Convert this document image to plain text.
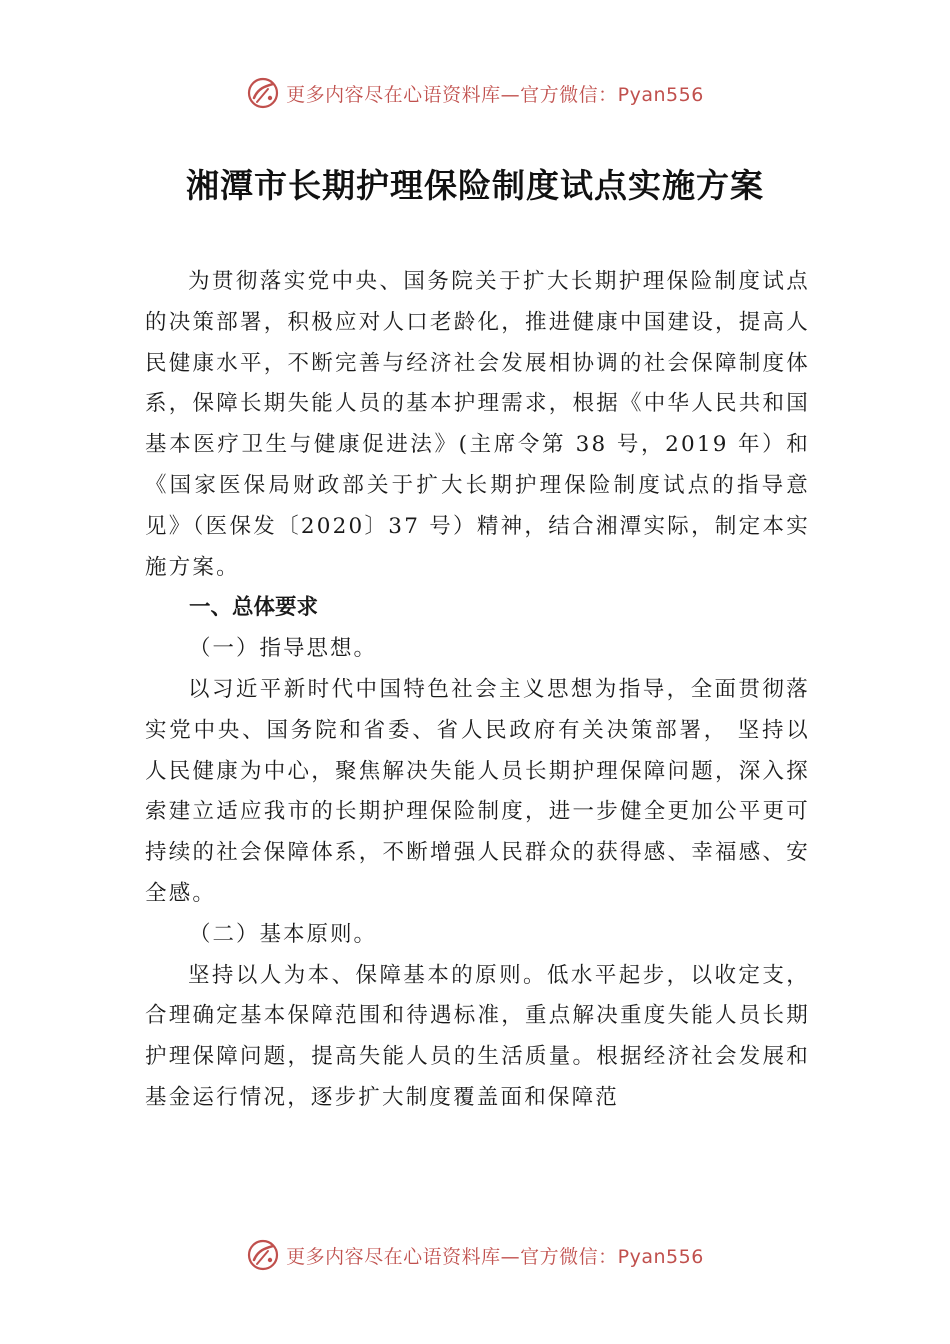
更多内容尽在心语资料库—官方微信：Pyan556
湘潭市长期护理保险制度试点实施方案

为贯彻落实党中央、国务院关于扩大长期护理保险制度试点的决策部署，积极应对人口老龄化，推进健康中国建设，提高人民健康水平，不断完善与经济社会发展相协调的社会保障制度体系，保障长期失能人员的基本护理需求，根据《中华人民共和国基本医疗卫生与健康促进法》(主席令第 38 号，2019 年）和《国家医保局财政部关于扩大长期护理保险制度试点的指导意见》（医保发〔2020〕37 号）精神，结合湘潭实际，制定本实施方案。

一、总体要求

（一）指导思想。

以习近平新时代中国特色社会主义思想为指导，全面贯彻落实党中央、国务院和省委、省人民政府有关决策部署， 坚持以人民健康为中心，聚焦解决失能人员长期护理保障问题，深入探索建立适应我市的长期护理保险制度，进一步健全更加公平更可持续的社会保障体系，不断增强人民群众的获得感、幸福感、安全感。

（二）基本原则。

坚持以人为本、保障基本的原则。低水平起步，以收定支，合理确定基本保障范围和待遇标准，重点解决重度失能人员长期护理保障问题，提高失能人员的生活质量。根据经济社会发展和基金运行情况，逐步扩大制度覆盖面和保障范

更多内容尽在心语资料库—官方微信：Pyan556
